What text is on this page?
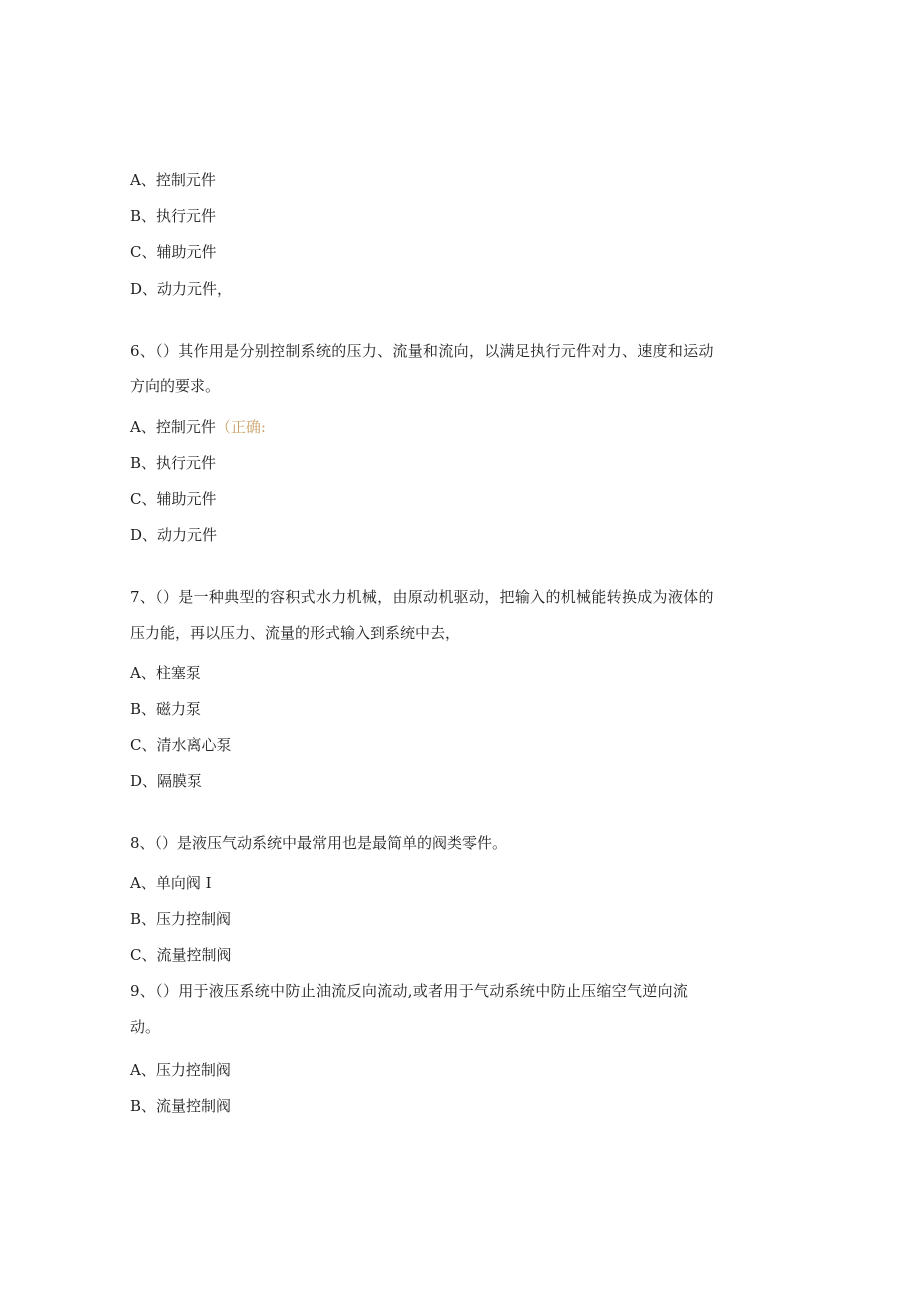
A、控制元件
B、执行元件
C、辅助元件
D、动力元件，
6、（）其作用是分别控制系统的压力、流量和流向，以满足执行元件对力、速度和运动
方向的要求。
A、控制元件（正确:
B、执行元件
C、辅助元件
D、动力元件
7、（）是一种典型的容积式水力机械，由原动机驱动，把输入的机械能转换成为液体的
压力能，再以压力、流量的形式输入到系统中去，
A、柱塞泵
B、磁力泵
C、清水离心泵
D、隔膜泵
8、（）是液压气动系统中最常用也是最简单的阀类零件。
A、单向阀 I
B、压力控制阀
C、流量控制阀
9、（）用于液压系统中防止油流反向流动,或者用于气动系统中防止压缩空气逆向流
动。
A、压力控制阀
B、流量控制阀
